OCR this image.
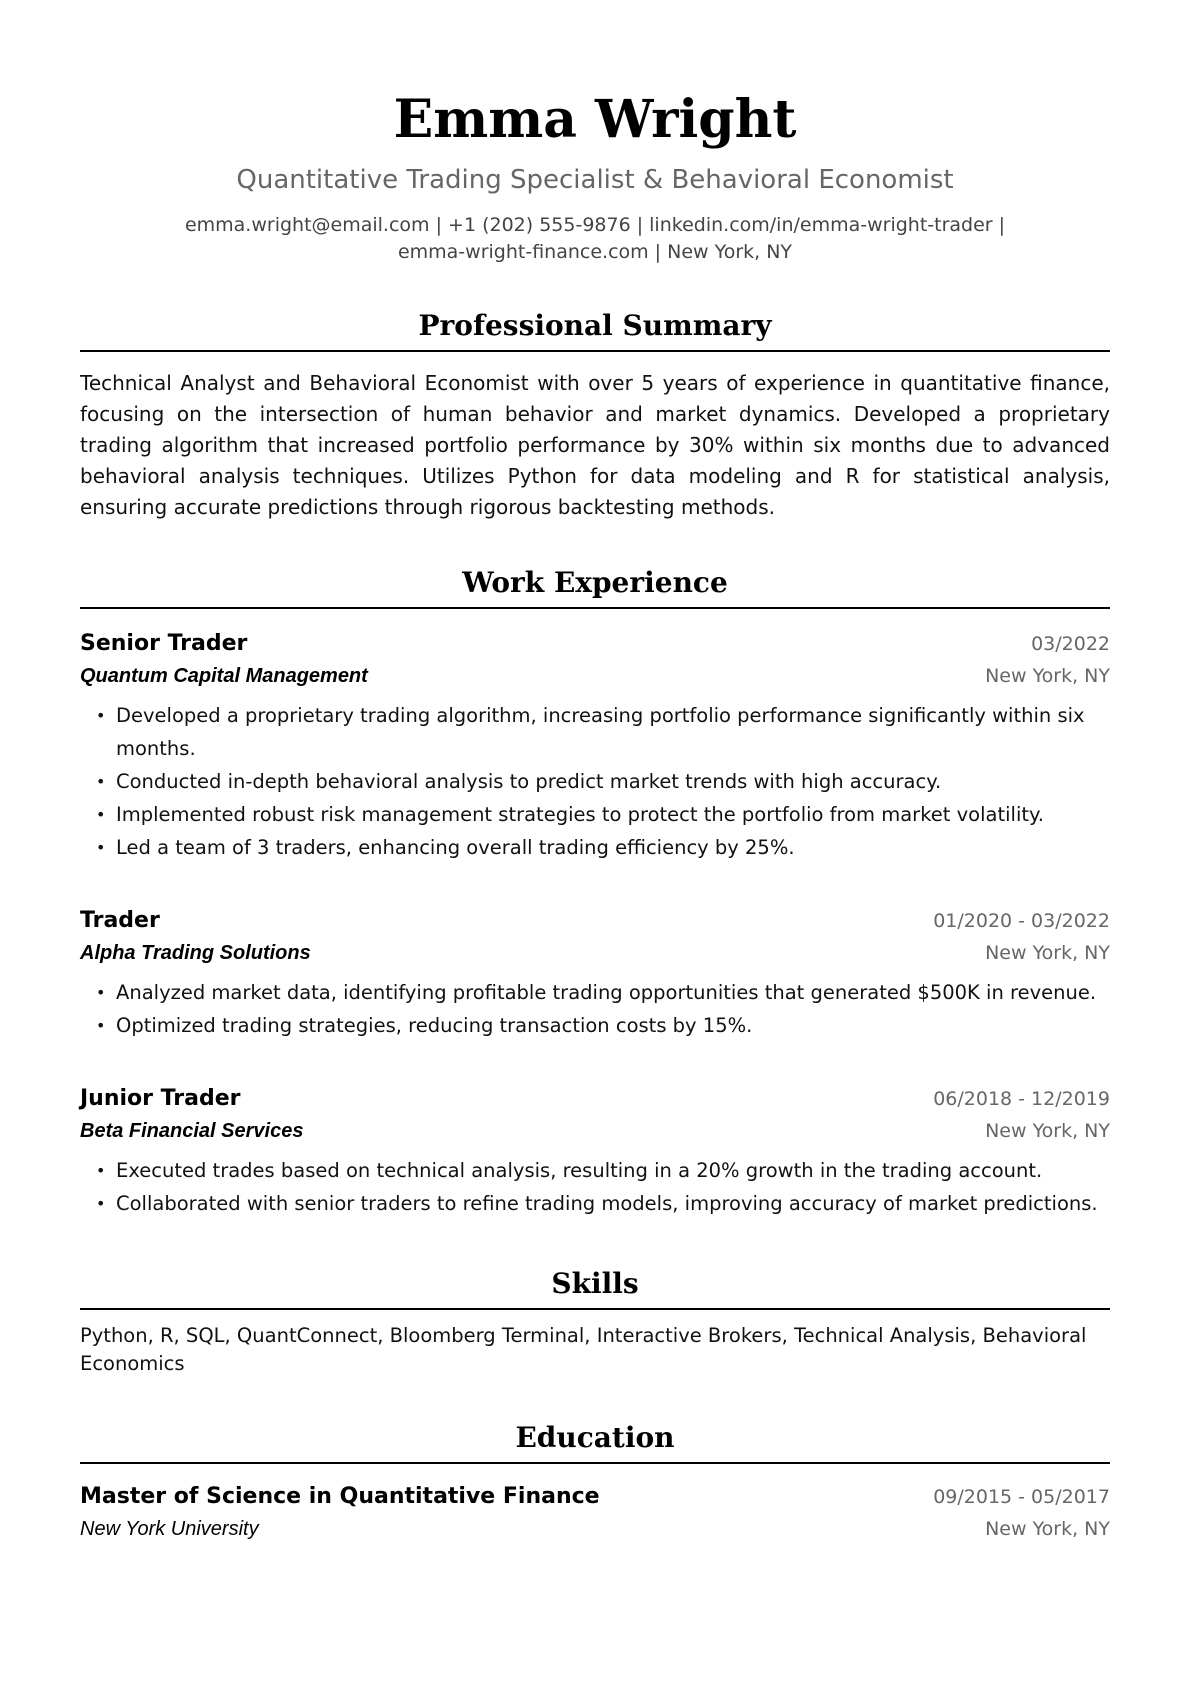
Emma Wright
Quantitative Trading Specialist & Behavioral Economist
emma.wright@email.com | +1 (202) 555-9876 | linkedin.com/in/emma-wright-trader |
emma-wright-finance.com | New York, NY
Professional Summary
Technical Analyst and Behavioral Economist with over 5 years of experience in quantitative finance, focusing on the intersection of human behavior and market dynamics. Developed a proprietary trading algorithm that increased portfolio performance by 30% within six months due to advanced behavioral analysis techniques. Utilizes Python for data modeling and R for statistical analysis, ensuring accurate predictions through rigorous backtesting methods.
Work Experience
Senior Trader	03/2022
Quantum Capital Management	New York, NY
• Developed a proprietary trading algorithm, increasing portfolio performance significantly within six months.
• Conducted in-depth behavioral analysis to predict market trends with high accuracy.
• Implemented robust risk management strategies to protect the portfolio from market volatility.
• Led a team of 3 traders, enhancing overall trading efficiency by 25%.
Trader	01/2020 - 03/2022
Alpha Trading Solutions	New York, NY
• Analyzed market data, identifying profitable trading opportunities that generated $500K in revenue.
• Optimized trading strategies, reducing transaction costs by 15%.
Junior Trader	06/2018 - 12/2019
Beta Financial Services	New York, NY
• Executed trades based on technical analysis, resulting in a 20% growth in the trading account.
• Collaborated with senior traders to refine trading models, improving accuracy of market predictions.
Skills
Python, R, SQL, QuantConnect, Bloomberg Terminal, Interactive Brokers, Technical Analysis, Behavioral Economics
Education
Master of Science in Quantitative Finance	09/2015 - 05/2017
New York University	New York, NY
